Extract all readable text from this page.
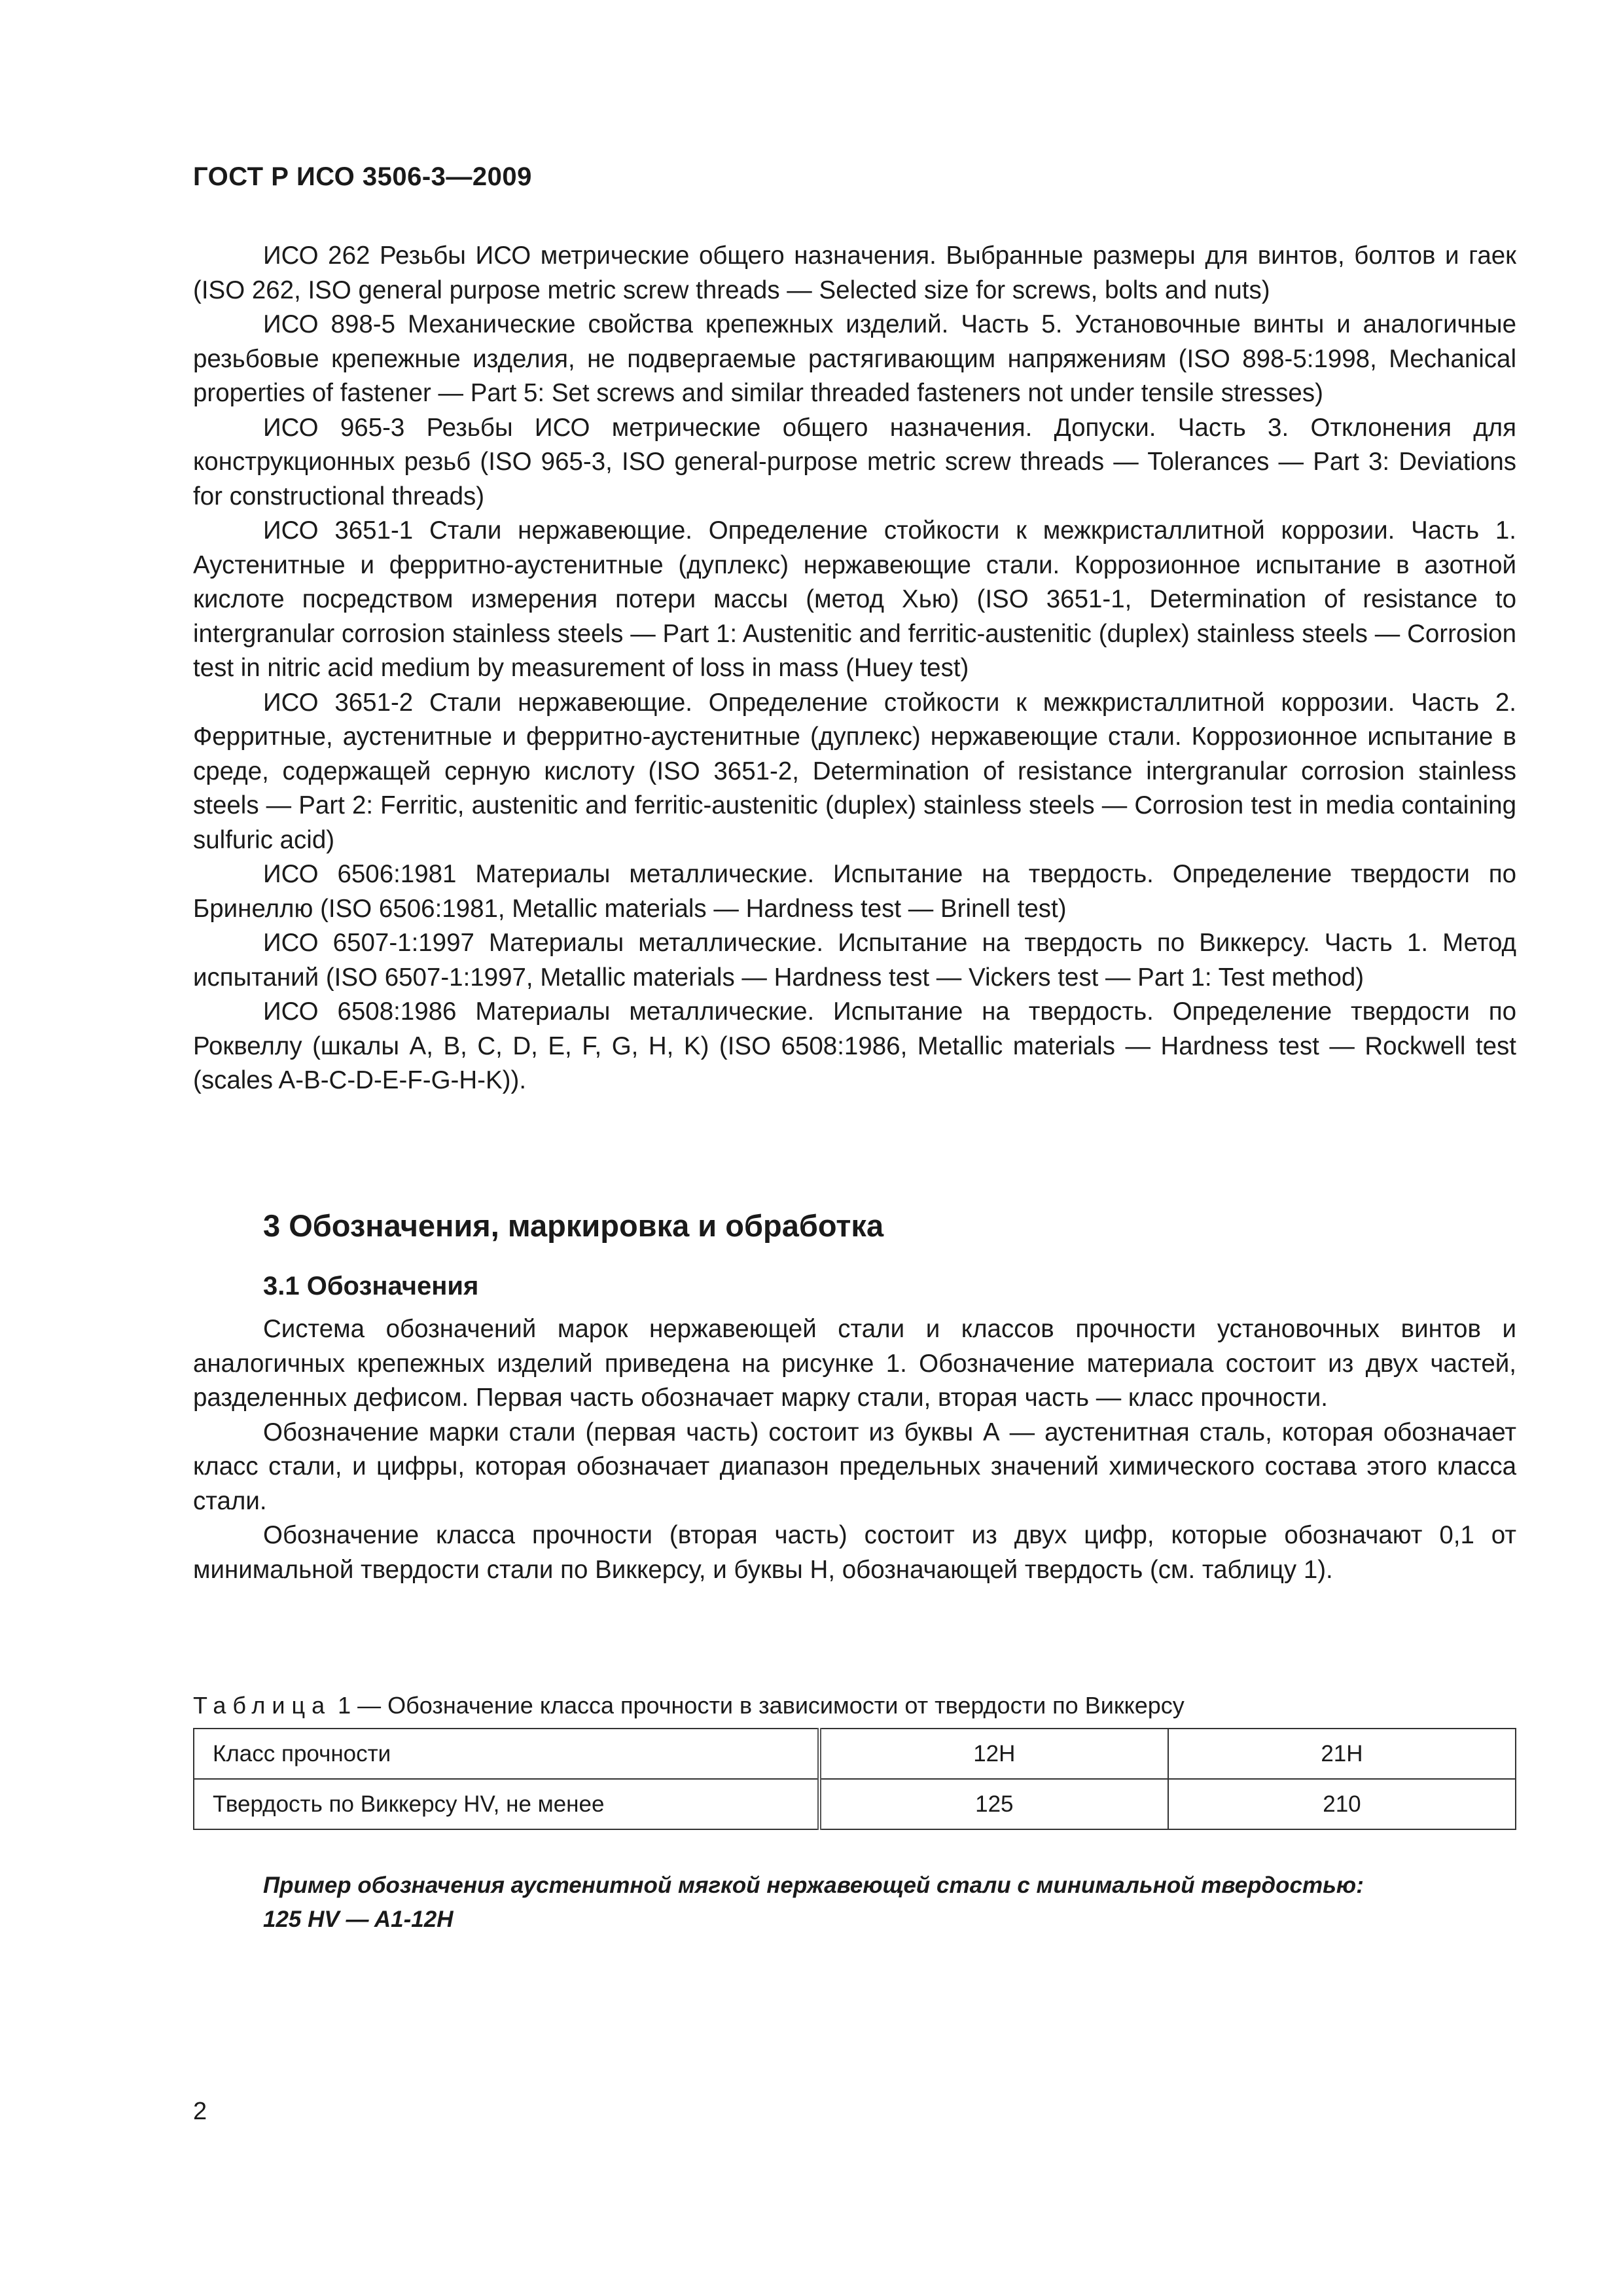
ГОСТ Р ИСО 3506-3—2009

ИСО 262 Резьбы ИСО метрические общего назначения. Выбранные размеры для винтов, болтов и гаек (ISO 262, ISO general purpose metric screw threads — Selected size for screws, bolts and nuts)

ИСО 898-5 Механические свойства крепежных изделий. Часть 5. Установочные винты и аналогичные резьбовые крепежные изделия, не подвергаемые растягивающим напряжениям (ISO 898-5:1998, Mechanical properties of fastener — Part 5: Set screws and similar threaded fasteners not under tensile stresses)

ИСО 965-3 Резьбы ИСО метрические общего назначения. Допуски. Часть 3. Отклонения для конструкционных резьб (ISO 965-3, ISO general-purpose metric screw threads — Tolerances — Part 3: Deviations for constructional threads)

ИСО 3651-1 Стали нержавеющие. Определение стойкости к межкристаллитной коррозии. Часть 1. Аустенитные и ферритно-аустенитные (дуплекс) нержавеющие стали. Коррозионное испытание в азотной кислоте посредством измерения потери массы (метод Хью) (ISO 3651-1, Determination of resistance to intergranular corrosion stainless steels — Part 1: Austenitic and ferritic-austenitic (duplex) stainless steels — Corrosion test in nitric acid medium by measurement of loss in mass (Huey test)

ИСО 3651-2 Стали нержавеющие. Определение стойкости к межкристаллитной коррозии. Часть 2. Ферритные, аустенитные и ферритно-аустенитные (дуплекс) нержавеющие стали. Коррозионное испытание в среде, содержащей серную кислоту (ISO 3651-2, Determination of resistance intergranular corrosion stainless steels — Part 2: Ferritic, austenitic and ferritic-austenitic (duplex) stainless steels — Corrosion test in media containing sulfuric acid)

ИСО 6506:1981 Материалы металлические. Испытание на твердость. Определение твердости по Бринеллю (ISO 6506:1981, Metallic materials — Hardness test — Brinell test)

ИСО 6507-1:1997 Материалы металлические. Испытание на твердость по Виккерсу. Часть 1. Метод испытаний (ISO 6507-1:1997, Metallic materials — Hardness test — Vickers test — Part 1: Test method)

ИСО 6508:1986 Материалы металлические. Испытание на твердость. Определение твердости по Роквеллу (шкалы А, В, С, D, Е, F, G, Н, K) (ISO 6508:1986, Metallic materials — Hardness test — Rockwell test (scales A-B-C-D-E-F-G-H-K)).

3 Обозначения, маркировка и обработка
3.1 Обозначения

Система обозначений марок нержавеющей стали и классов прочности установочных винтов и аналогичных крепежных изделий приведена на рисунке 1. Обозначение материала состоит из двух частей, разделенных дефисом. Первая часть обозначает марку стали, вторая часть — класс прочности.

Обозначение марки стали (первая часть) состоит из буквы А — аустенитная сталь, которая обозначает класс стали, и цифры, которая обозначает диапазон предельных значений химического состава этого класса стали.

Обозначение класса прочности (вторая часть) состоит из двух цифр, которые обозначают 0,1 от минимальной твердости стали по Виккерсу, и буквы Н, обозначающей твердость (см. таблицу 1).

Таблица 1 — Обозначение класса прочности в зависимости от твердости по Виккерсу
Класс прочности	12H	21H
Твердость по Виккерсу HV, не менее	125	210
Пример обозначения аустенитной мягкой нержавеющей стали с минимальной твердостью:
125 HV — A1-12H
2
